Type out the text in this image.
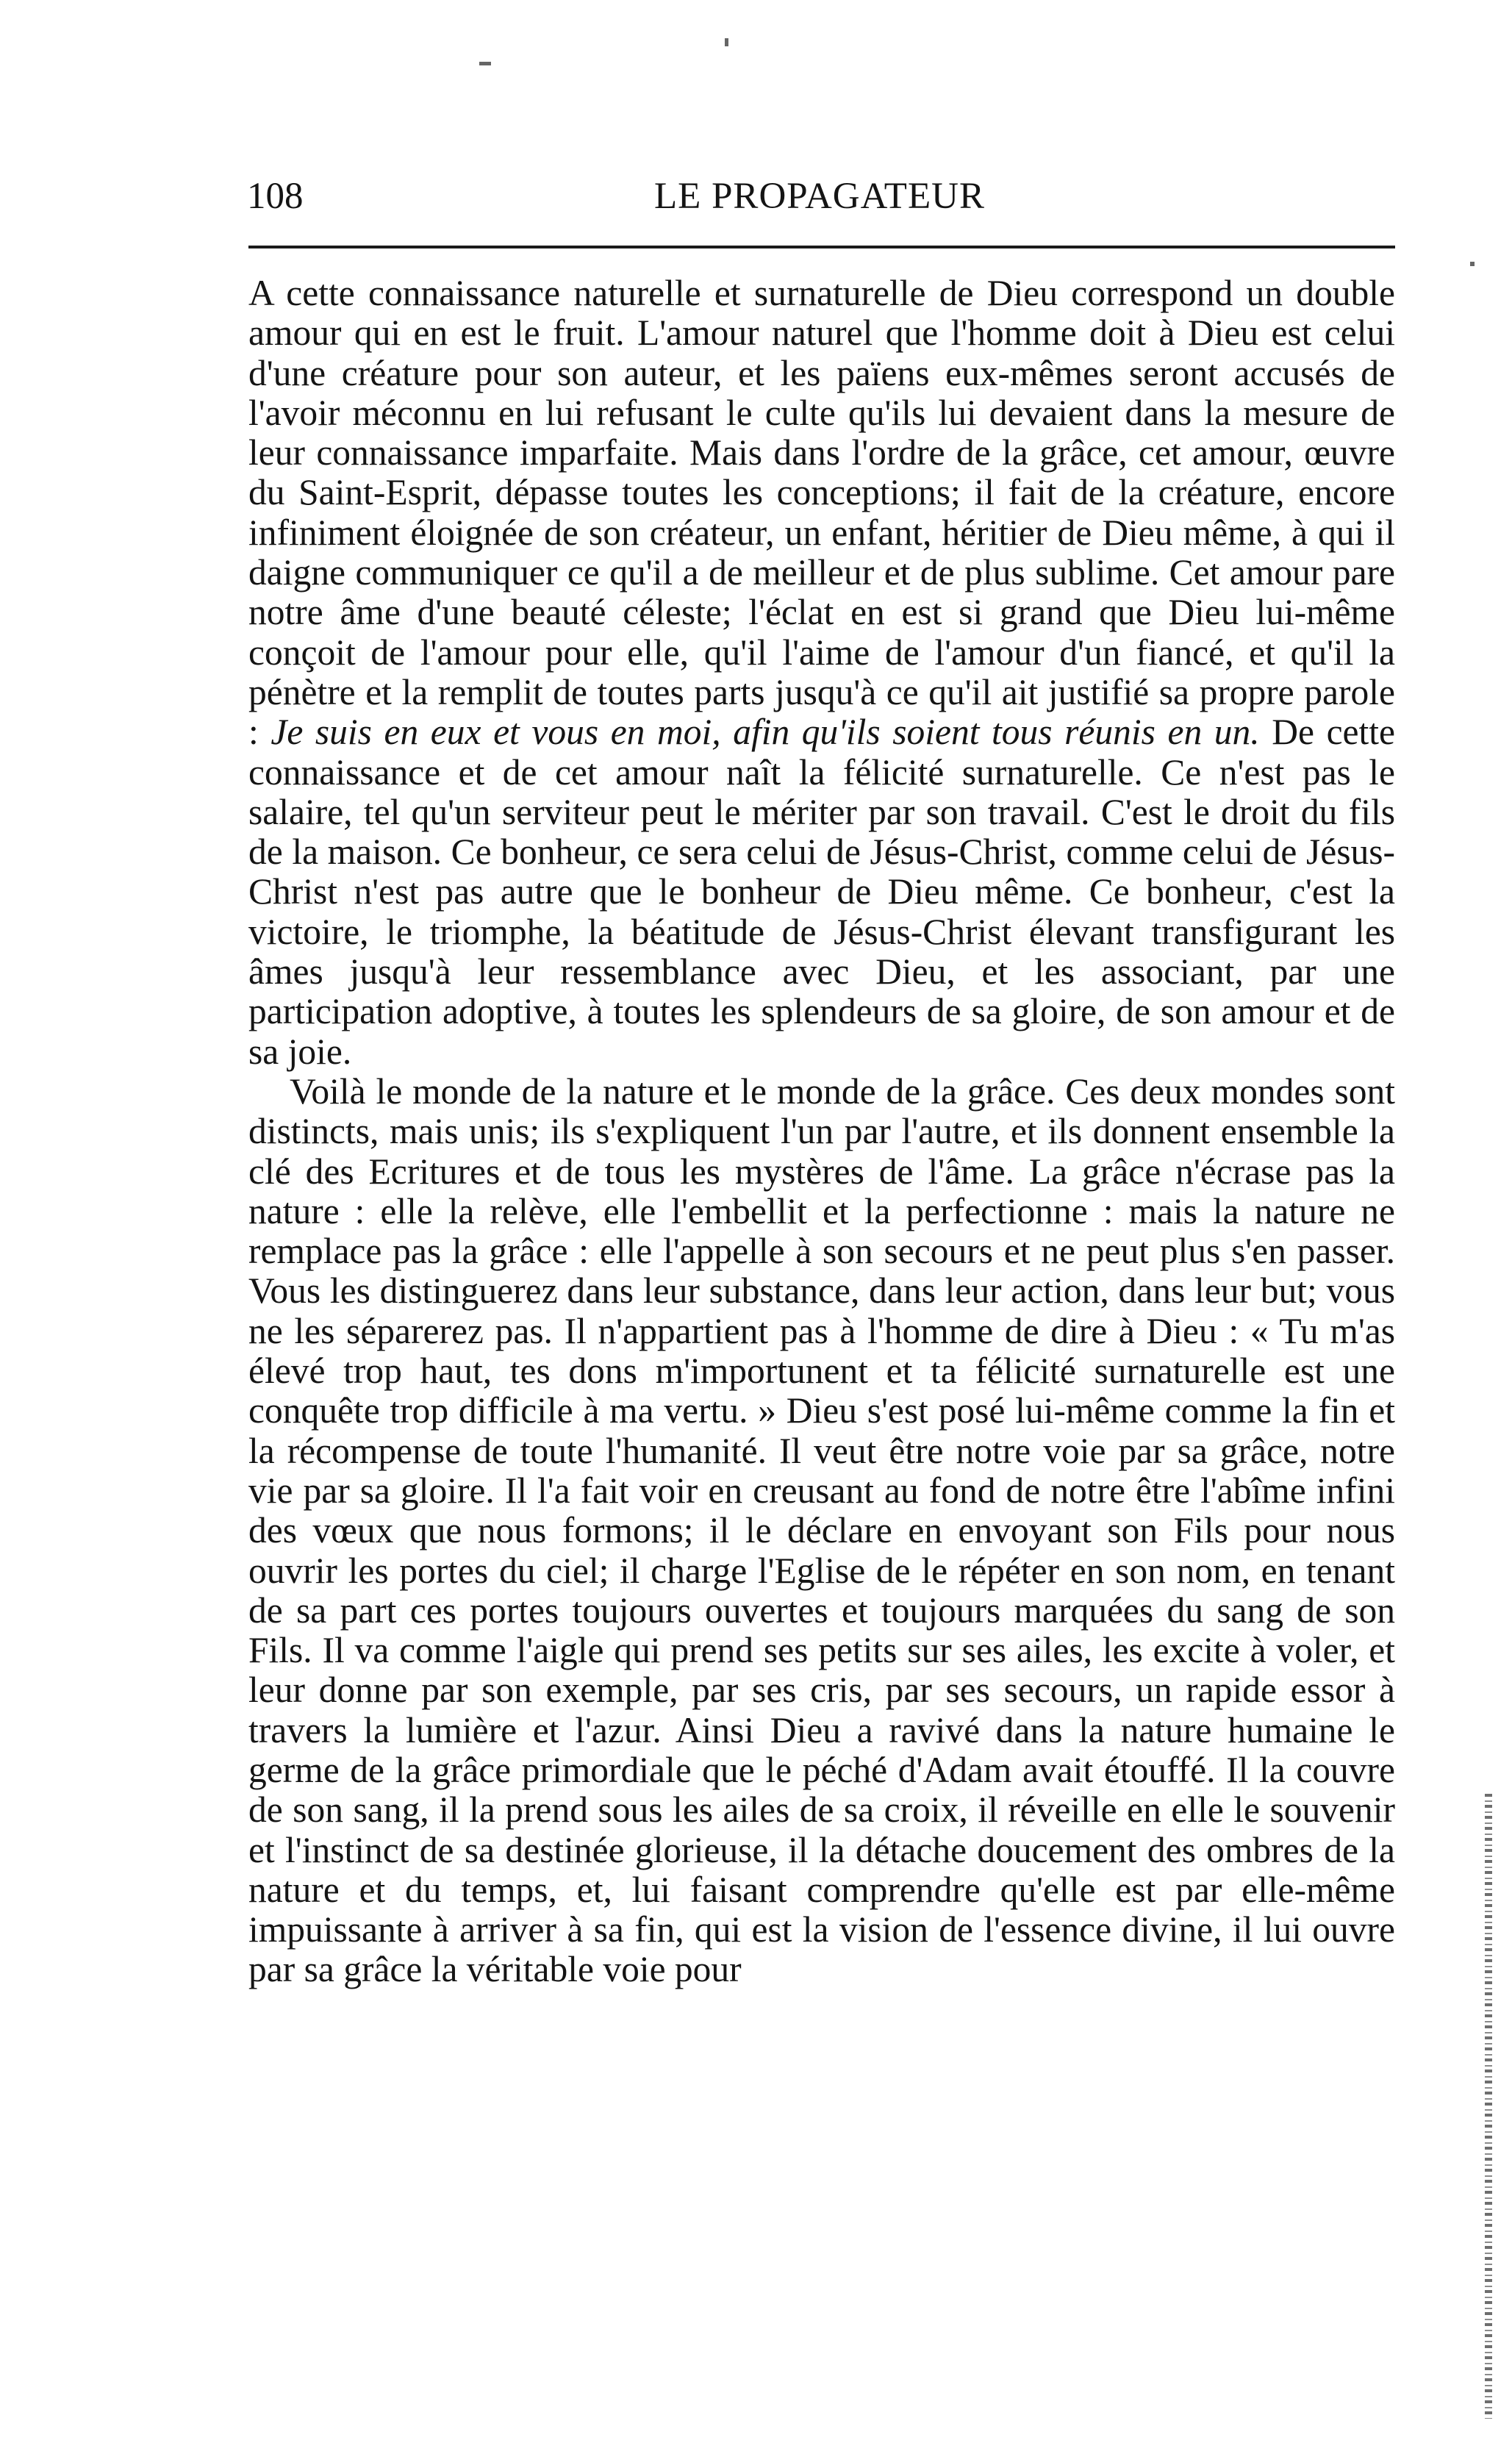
108	LE PROPAGATEUR

A cette connaissance naturelle et surnaturelle de Dieu correspond un double amour qui en est le fruit. L'amour naturel que l'homme doit à Dieu est celui d'une créature pour son auteur, et les païens eux-mêmes seront accusés de l'avoir méconnu en lui refusant le culte qu'ils lui devaient dans la mesure de leur connaissance imparfaite. Mais dans l'ordre de la grâce, cet amour, œuvre du Saint-Esprit, dépasse toutes les conceptions; il fait de la créature, encore infiniment éloignée de son créateur, un enfant, héritier de Dieu même, à qui il daigne communiquer ce qu'il a de meilleur et de plus sublime. Cet amour pare notre âme d'une beauté céleste; l'éclat en est si grand que Dieu lui-même conçoit de l'amour pour elle, qu'il l'aime de l'amour d'un fiancé, et qu'il la pénètre et la remplit de toutes parts jusqu'à ce qu'il ait justifié sa propre parole : Je suis en eux et vous en moi, afin qu'ils soient tous réunis en un. De cette connaissance et de cet amour naît la félicité surnaturelle. Ce n'est pas le salaire, tel qu'un serviteur peut le mériter par son travail. C'est le droit du fils de la maison. Ce bonheur, ce sera celui de Jésus-Christ, comme celui de Jésus-Christ n'est pas autre que le bonheur de Dieu même. Ce bonheur, c'est la victoire, le triomphe, la béatitude de Jésus-Christ élevant transfigurant les âmes jusqu'à leur ressemblance avec Dieu, et les associant, par une participation adoptive, à toutes les splendeurs de sa gloire, de son amour et de sa joie.

Voilà le monde de la nature et le monde de la grâce. Ces deux mondes sont distincts, mais unis; ils s'expliquent l'un par l'autre, et ils donnent ensemble la clé des Ecritures et de tous les mystères de l'âme. La grâce n'écrase pas la nature : elle la relève, elle l'embellit et la perfectionne : mais la nature ne remplace pas la grâce : elle l'appelle à son secours et ne peut plus s'en passer. Vous les distinguerez dans leur substance, dans leur action, dans leur but; vous ne les séparerez pas. Il n'appartient pas à l'homme de dire à Dieu : « Tu m'as élevé trop haut, tes dons m'importunent et ta félicité surnaturelle est une conquête trop difficile à ma vertu. » Dieu s'est posé lui-même comme la fin et la récompense de toute l'humanité. Il veut être notre voie par sa grâce, notre vie par sa gloire. Il l'a fait voir en creusant au fond de notre être l'abîme infini des vœux que nous formons; il le déclare en envoyant son Fils pour nous ouvrir les portes du ciel; il charge l'Eglise de le répéter en son nom, en tenant de sa part ces portes toujours ouvertes et toujours marquées du sang de son Fils. Il va comme l'aigle qui prend ses petits sur ses ailes, les excite à voler, et leur donne par son exemple, par ses cris, par ses secours, un rapide essor à travers la lumière et l'azur. Ainsi Dieu a ravivé dans la nature humaine le germe de la grâce primordiale que le péché d'Adam avait étouffé. Il la couvre de son sang, il la prend sous les ailes de sa croix, il réveille en elle le souvenir et l'instinct de sa destinée glorieuse, il la détache doucement des ombres de la nature et du temps, et, lui faisant comprendre qu'elle est par elle-même impuissante à arriver à sa fin, qui est la vision de l'essence divine, il lui ouvre par sa grâce la véritable voie pour
